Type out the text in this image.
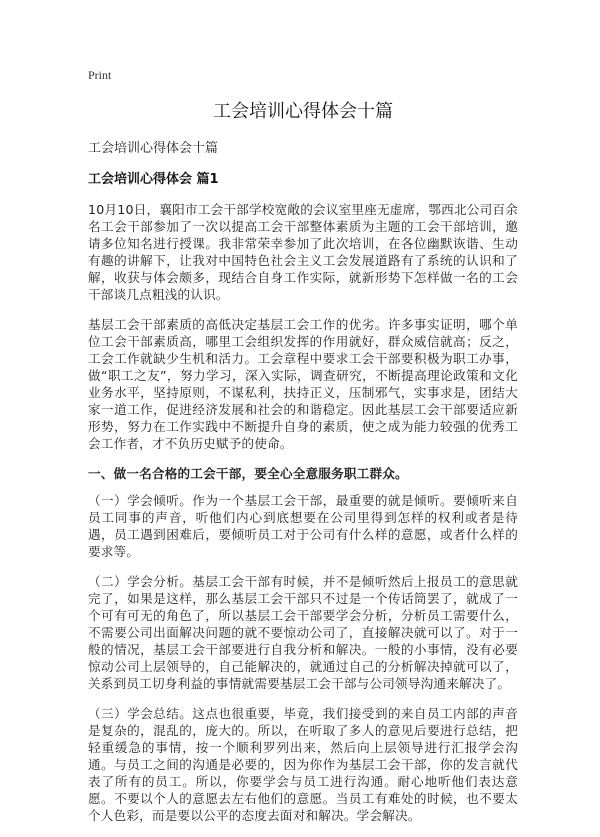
Print
工会培训心得体会十篇
工会培训心得体会十篇
工会培训心得体会 篇1

10月10日，襄阳市工会干部学校宽敞的会议室里座无虚席，鄂西北公司百余名工会干部参加了一次以提高工会干部整体素质为主题的工会干部培训，邀请多位知名进行授课。我非常荣幸参加了此次培训，在各位幽默诙谐、生动有趣的讲解下，让我对中国特色社会主义工会发展道路有了系统的认识和了解，收获与体会颇多，现结合自身工作实际，就新形势下怎样做一名的工会干部谈几点粗浅的认识。

基层工会干部素质的高低决定基层工会工作的优劣。许多事实证明，哪个单位工会干部素质高，哪里工会组织发挥的作用就好，群众威信就高；反之，工会工作就缺少生机和活力。工会章程中要求工会干部要积极为职工办事，做“职工之友”，努力学习，深入实际，调查研究，不断提高理论政策和文化业务水平，坚持原则，不谋私利，扶持正义，压制邪气，实事求是，团结大家一道工作，促进经济发展和社会的和谐稳定。因此基层工会干部要适应新形势，努力在工作实践中不断提升自身的素质，使之成为能力较强的优秀工会工作者，才不负历史赋予的使命。

一、做一名合格的工会干部，要全心全意服务职工群众。

（一）学会倾听。作为一个基层工会干部，最重要的就是倾听。要倾听来自员工同事的声音，听他们内心到底想要在公司里得到怎样的权利或者是待遇，员工遇到困难后，要倾听员工对于公司有什么样的意愿，或者什么样的要求等。

（二）学会分析。基层工会干部有时候，并不是倾听然后上报员工的意思就完了，如果是这样，那么基层工会干部只不过是一个传话筒罢了，就成了一个可有可无的角色了，所以基层工会干部要学会分析，分析员工需要什么，不需要公司出面解决问题的就不要惊动公司了，直接解决就可以了。对于一般的情况，基层工会干部要进行自我分析和解决。一般的小事情，没有必要惊动公司上层领导的，自己能解决的，就通过自己的分析解决掉就可以了，关系到员工切身利益的事情就需要基层工会干部与公司领导沟通来解决了。

（三）学会总结。这点也很重要，毕竟，我们接受到的来自员工内部的声音是复杂的，混乱的，庞大的。所以，在听取了多人的意见后要进行总结，把轻重缓急的事情，按一个顺利罗列出来，然后向上层领导进行汇报学会沟通。与员工之间的沟通是必要的，因为你作为基层工会干部，你的发言就代表了所有的员工。所以，你要学会与员工进行沟通。耐心地听他们表达意愿。不要以个人的意愿去左右他们的意愿。当员工有难处的时候，也不要太个人色彩，而是要以公平的态度去面对和解决。学会解决。
